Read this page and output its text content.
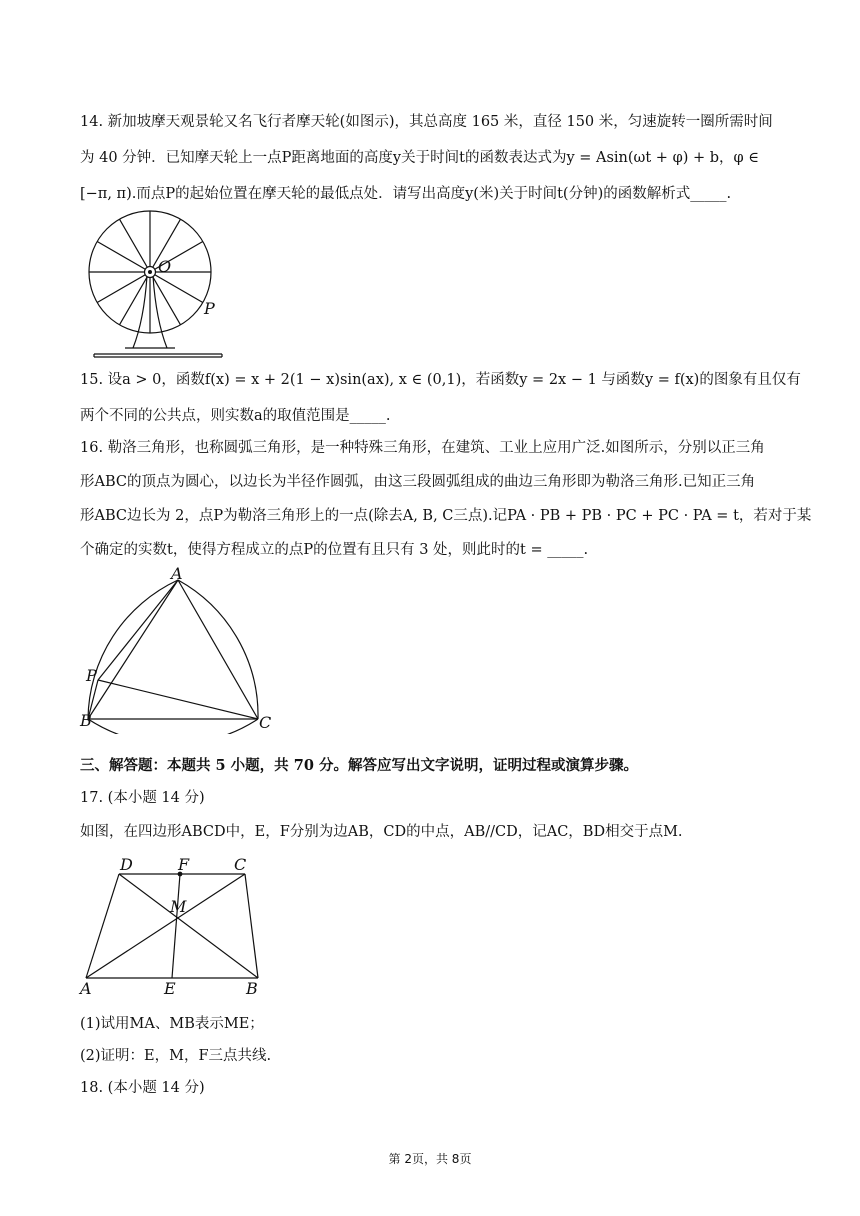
14. 新加坡摩天观景轮又名飞行者摩天轮(如图示)，其总高度 165 米，直径 150 米，匀速旋转一圈所需时间
为 40 分钟．已知摩天轮上一点P距离地面的高度y关于时间t的函数表达式为y = Asin(ωt + φ) + b，φ ∈
[−π, π).而点P的起始位置在摩天轮的最低点处．请写出高度y(米)关于时间t(分钟)的函数解析式_____.
O
P
15. 设a > 0，函数f(x) = x + 2(1 − x)sin(ax), x ∈ (0,1)，若函数y = 2x − 1 与函数y = f(x)的图象有且仅有
两个不同的公共点，则实数a的取值范围是_____.
16. 勒洛三角形，也称圆弧三角形，是一种特殊三角形，在建筑、工业上应用广泛.如图所示，分别以正三角
形ABC的顶点为圆心，以边长为半径作圆弧，由这三段圆弧组成的曲边三角形即为勒洛三角形.已知正三角
形ABC边长为 2，点P为勒洛三角形上的一点(除去A, B, C三点).记PA · PB + PB · PC + PC · PA = t，若对于某
个确定的实数t，使得方程成立的点P的位置有且只有 3 处，则此时的t = _____.
A
B	C
P
三、解答题：本题共 5 小题，共 70 分。解答应写出文字说明，证明过程或演算步骤。
17. (本小题 14 分)
如图，在四边形ABCD中，E，F分别为边AB，CD的中点，AB//CD，记AC，BD相交于点M.
D	F	C
M
A	E	B
(1)试用MA、MB表示ME；
(2)证明：E，M，F三点共线.
18. (本小题 14 分)
第 2页，共 8页
